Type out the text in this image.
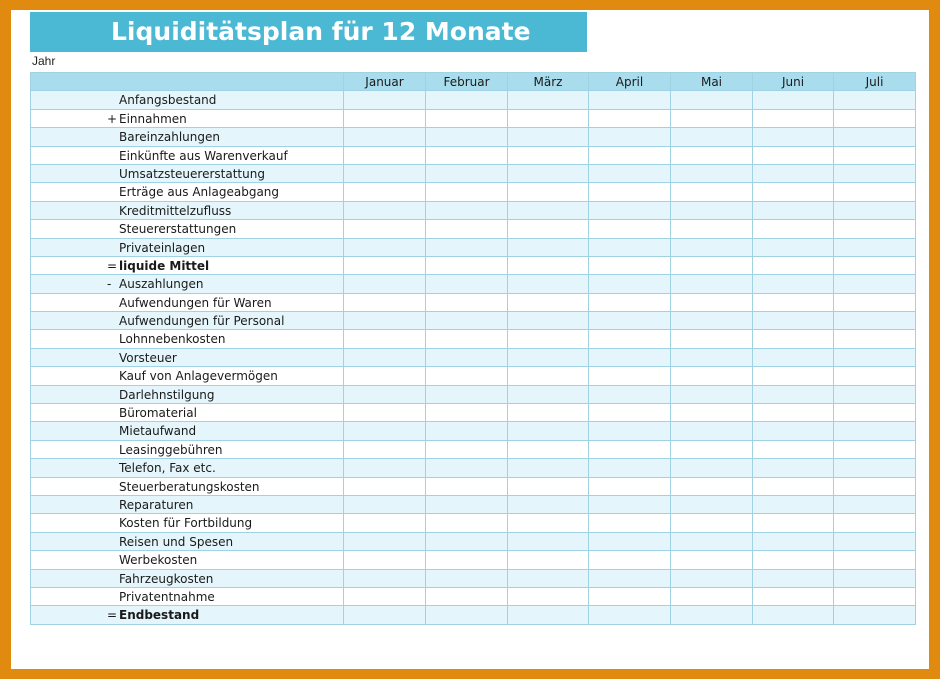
Liquiditätsplan für 12 Monate
Jahr
	Januar	Februar	März	April	Mai	Juni	Juli

Anfangsbestand							

+ Einnahmen							

Bareinzahlungen							

Einkünfte aus Warenverkauf							

Umsatzsteuererstattung							

Erträge aus Anlageabgang							

Kreditmittelzufluss							

Steuererstattungen							

Privateinlagen							

= liquide Mittel							

- Auszahlungen							

Aufwendungen für Waren							

Aufwendungen für Personal							

Lohnnebenkosten							

Vorsteuer							

Kauf von Anlagevermögen							

Darlehnstilgung							

Büromaterial							

Mietaufwand							

Leasinggebühren							

Telefon, Fax etc.							

Steuerberatungskosten							

Reparaturen							

Kosten für Fortbildung							

Reisen und Spesen							

Werbekosten							

Fahrzeugkosten							

Privatentnahme							

= Endbestand							
